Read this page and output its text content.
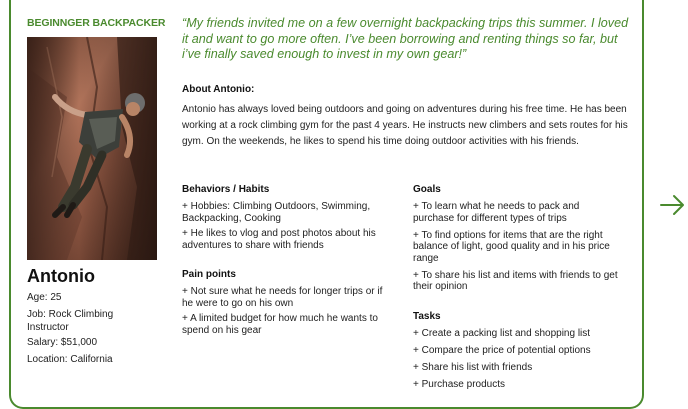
BEGINNGER BACKPACKER
Antonio
Age: 25
Job: Rock Climbing Instructor
Salary: $51,000
Location: California
“My friends invited me on a few overnight backpacking trips this summer. I loved it and want to go more often. I’ve been borrowing and renting things so far, but i’ve finally saved enough to invest in my own gear!”
About Antonio:
Antonio has always loved being outdoors and going on adventures during his free time. He has been working at a rock climbing gym for the past 4 years. He instructs new climbers and sets routes for his gym. On the weekends, he likes to spend his time doing outdoor activities with his friends.
Behaviors / Habits
+ Hobbies: Climbing Outdoors, Swimming, Backpacking, Cooking
+ He likes to vlog and post photos about his adventures to share with friends
Pain points
+ Not sure what he needs for longer trips or if he were to go on his own
+ A limited budget for how much he wants to spend on his gear
Goals
+ To learn what he needs to pack and purchase for different types of trips
+ To find options for items that are the right balance of light, good quality and in his price range
+ To share his list and items with friends to get their opinion
Tasks
+ Create a packing list and shopping list
+ Compare the price of potential options
+ Share his list with friends
+ Purchase products
